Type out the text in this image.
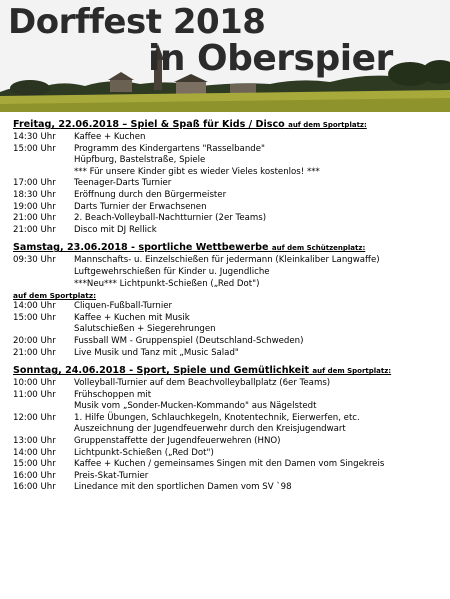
Dorffest 2018
in Oberspier
Freitag, 22.06.2018 – Spiel & Spaß für Kids / Disco auf dem Sportplatz:
14:30 Uhr	Kaffee + Kuchen
15:00 Uhr	Programm des Kindergartens "Rasselbande"
Hüpfburg, Bastelstraße, Spiele
*** Für unsere Kinder gibt es wieder Vieles kostenlos! ***
17:00 Uhr	Teenager-Darts Turnier
18:30 Uhr	Eröffnung durch den Bürgermeister
19:00 Uhr	Darts Turnier der Erwachsenen
21:00 Uhr	2. Beach-Volleyball-Nachtturnier (2er Teams)
21:00 Uhr	Disco mit DJ Rellick
Samstag, 23.06.2018 - sportliche Wettbewerbe auf dem Schützenplatz:
09:30 Uhr	Mannschafts- u. Einzelschießen für jedermann (Kleinkaliber Langwaffe)
Luftgewehrschießen für Kinder u. Jugendliche
***Neu*** Lichtpunkt-Schießen („Red Dot")
auf dem Sportplatz:
14:00 Uhr	Cliquen-Fußball-Turnier
15:00 Uhr	Kaffee + Kuchen mit Musik
Salutschießen + Siegerehrungen
20:00 Uhr	Fussball WM - Gruppenspiel (Deutschland-Schweden)
21:00 Uhr	Live Musik und Tanz mit „Music Salad"
Sonntag, 24.06.2018 - Sport, Spiele und Gemütlichkeit auf dem Sportplatz:
10:00 Uhr	Volleyball-Turnier auf dem Beachvolleyballplatz (6er Teams)
11:00 Uhr	Frühschoppen mit
Musik vom „Sonder-Mucken-Kommando" aus Nägelstedt
12:00 Uhr	1. Hilfe Übungen, Schlauchkegeln, Knotentechnik, Eierwerfen, etc.
Auszeichnung der Jugendfeuerwehr durch den Kreisjugendwart
13:00 Uhr	Gruppenstaffette der Jugendfeuerwehren (HNO)
14:00 Uhr	Lichtpunkt-Schießen („Red Dot")
15:00 Uhr	Kaffee + Kuchen / gemeinsames Singen mit den Damen vom Singekreis
16:00 Uhr	Preis-Skat-Turnier
16:00 Uhr	Linedance mit den sportlichen Damen vom SV `98
